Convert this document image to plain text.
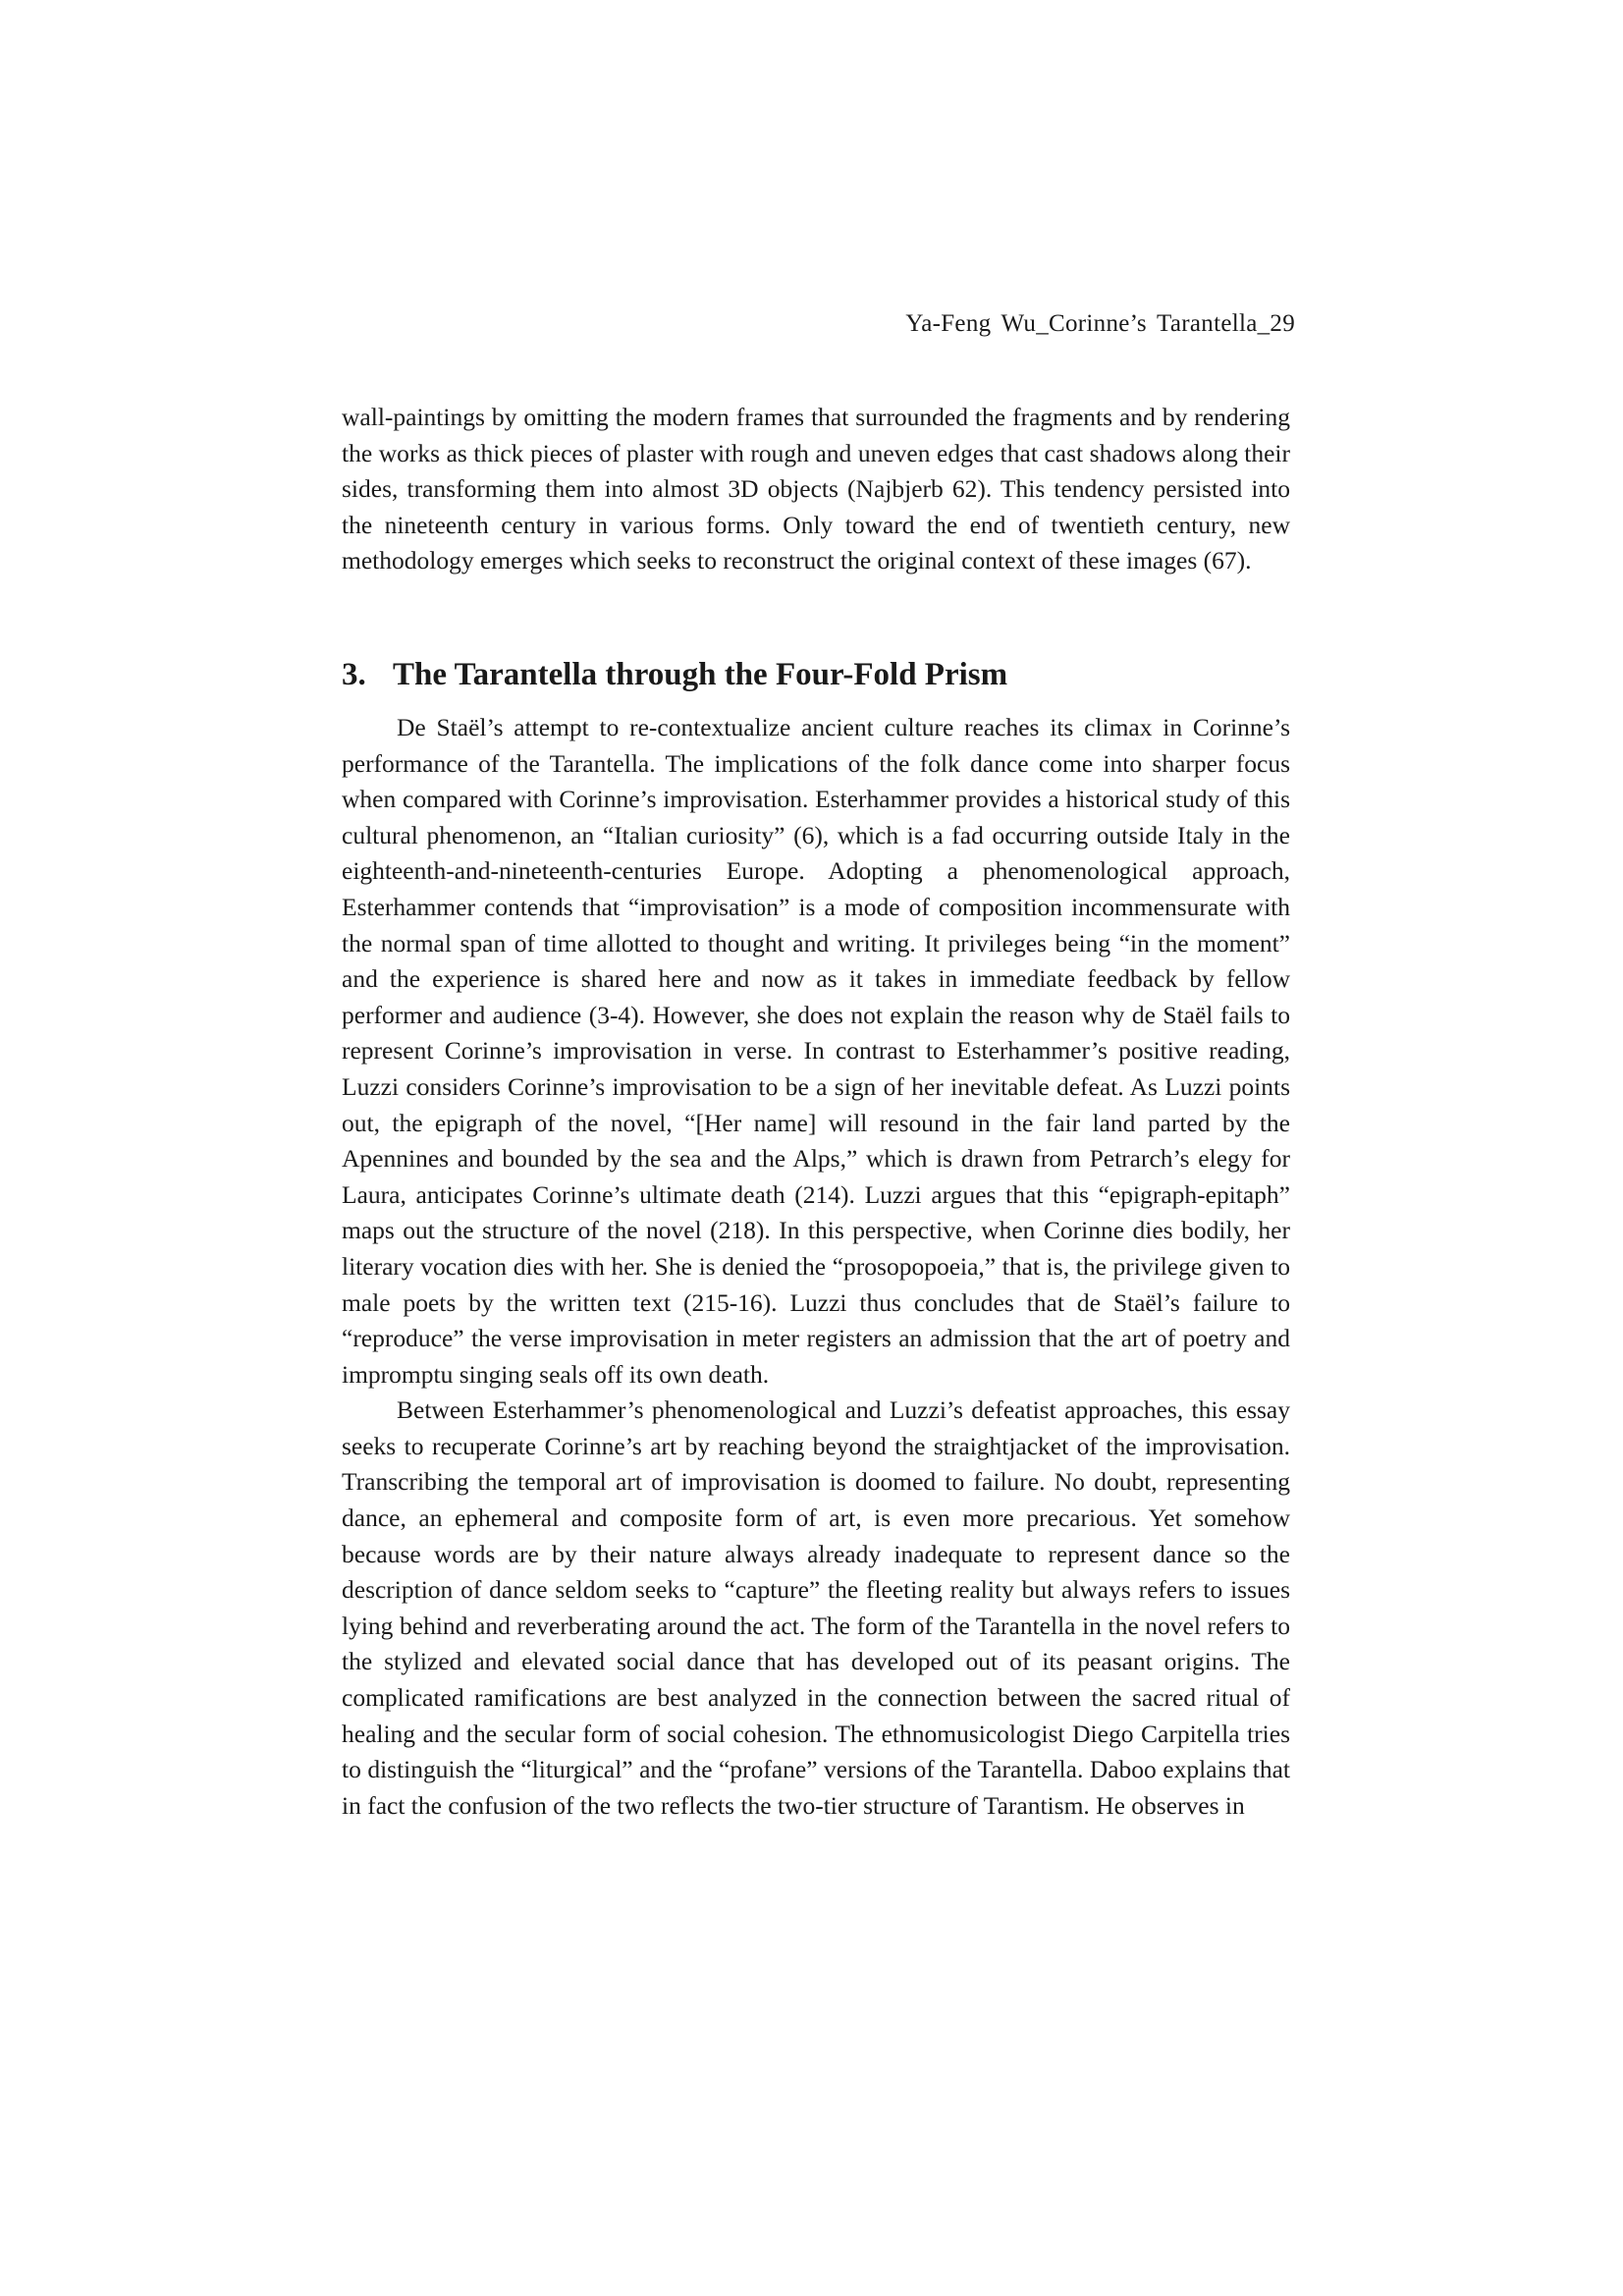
Ya-Feng Wu_Corinne’s Tarantella_29

wall-paintings by omitting the modern frames that surrounded the fragments and by rendering the works as thick pieces of plaster with rough and uneven edges that cast shadows along their sides, transforming them into almost 3D objects (Najbjerb 62). This tendency persisted into the nineteenth century in various forms. Only toward the end of twentieth century, new methodology emerges which seeks to reconstruct the original context of these images (67).

3. The Tarantella through the Four-Fold Prism

De Staël’s attempt to re-contextualize ancient culture reaches its climax in Corinne’s performance of the Tarantella. The implications of the folk dance come into sharper focus when compared with Corinne’s improvisation. Esterhammer provides a historical study of this cultural phenomenon, an “Italian curiosity” (6), which is a fad occurring outside Italy in the eighteenth-and-nineteenth-centuries Europe. Adopting a phenomenological approach, Esterhammer contends that “improvisation” is a mode of composition incommensurate with the normal span of time allotted to thought and writing. It privileges being “in the moment” and the experience is shared here and now as it takes in immediate feedback by fellow performer and audience (3-4). However, she does not explain the reason why de Staël fails to represent Corinne’s improvisation in verse. In contrast to Esterhammer’s positive reading, Luzzi considers Corinne’s improvisation to be a sign of her inevitable defeat. As Luzzi points out, the epigraph of the novel, “[Her name] will resound in the fair land parted by the Apennines and bounded by the sea and the Alps,” which is drawn from Petrarch’s elegy for Laura, anticipates Corinne’s ultimate death (214). Luzzi argues that this “epigraph-epitaph” maps out the structure of the novel (218). In this perspective, when Corinne dies bodily, her literary vocation dies with her. She is denied the “prosopopoeia,” that is, the privilege given to male poets by the written text (215-16). Luzzi thus concludes that de Staël’s failure to “reproduce” the verse improvisation in meter registers an admission that the art of poetry and impromptu singing seals off its own death.

Between Esterhammer’s phenomenological and Luzzi’s defeatist approaches, this essay seeks to recuperate Corinne’s art by reaching beyond the straightjacket of the improvisation. Transcribing the temporal art of improvisation is doomed to failure. No doubt, representing dance, an ephemeral and composite form of art, is even more precarious. Yet somehow because words are by their nature always already inadequate to represent dance so the description of dance seldom seeks to “capture” the fleeting reality but always refers to issues lying behind and reverberating around the act. The form of the Tarantella in the novel refers to the stylized and elevated social dance that has developed out of its peasant origins. The complicated ramifications are best analyzed in the connection between the sacred ritual of healing and the secular form of social cohesion. The ethnomusicologist Diego Carpitella tries to distinguish the “liturgical” and the “profane” versions of the Tarantella. Daboo explains that in fact the confusion of the two reflects the two-tier structure of Tarantism. He observes in
